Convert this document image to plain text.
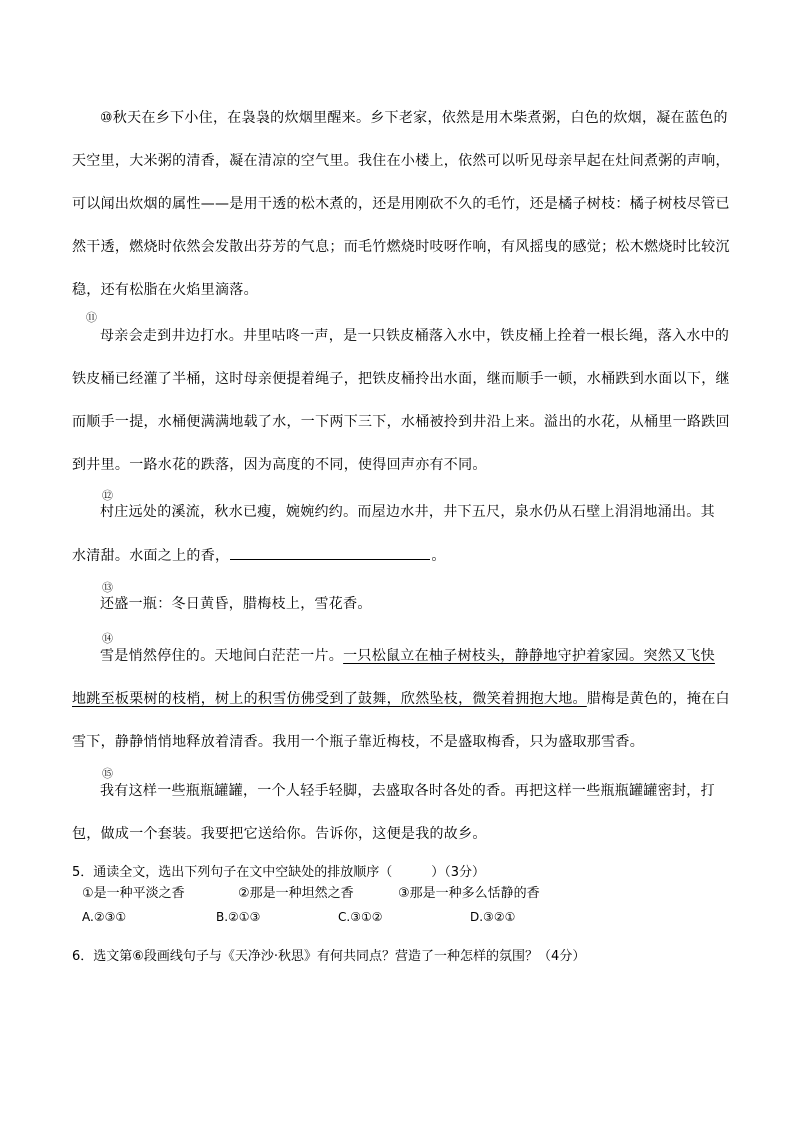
⑩秋天在乡下小住，在袅袅的炊烟里醒来。乡下老家，依然是用木柴煮粥，白色的炊烟，凝在蓝色的
天空里，大米粥的清香，凝在清凉的空气里。我住在小楼上，依然可以听见母亲早起在灶间煮粥的声响，
可以闻出炊烟的属性——是用干透的松木煮的，还是用刚砍不久的毛竹，还是橘子树枝：橘子树枝尽管已
然干透，燃烧时依然会发散出芬芳的气息；而毛竹燃烧时吱呀作响，有风摇曳的感觉；松木燃烧时比较沉
稳，还有松脂在火焰里滴落。
⑪
母亲会走到井边打水。井里咕咚一声，是一只铁皮桶落入水中，铁皮桶上拴着一根长绳，落入水中的
铁皮桶已经灌了半桶，这时母亲便提着绳子，把铁皮桶拎出水面，继而顺手一顿，水桶跌到水面以下，继
而顺手一提，水桶便满满地载了水，一下两下三下，水桶被拎到井沿上来。溢出的水花，从桶里一路跌回
到井里。一路水花的跌落，因为高度的不同，使得回声亦有不同。
⑫
村庄远处的溪流，秋水已瘦，婉婉约约。而屋边水井，井下五尺，泉水仍从石壁上涓涓地涌出。其
水清甜。水面之上的香，	。
⑬
还盛一瓶：冬日黄昏，腊梅枝上，雪花香。
⑭
雪是悄然停住的。天地间白茫茫一片。一只松鼠立在柚子树枝头，静静地守护着家园。突然又飞快
地跳至板栗树的枝梢，树上的积雪仿佛受到了鼓舞，欣然坠枝，微笑着拥抱大地。腊梅是黄色的，掩在白
雪下，静静悄悄地释放着清香。我用一个瓶子靠近梅枝，不是盛取梅香，只为盛取那雪香。
⑮
我有这样一些瓶瓶罐罐，一个人轻手轻脚，去盛取各时各处的香。再把这样一些瓶瓶罐罐密封，打
包，做成一个套装。我要把它送给你。告诉你，这便是我的故乡。
5．通读全文，选出下列句子在文中空缺处的排放顺序（　　　）（3分）
①是一种平淡之香	②那是一种坦然之香	③那是一种多么恬静的香
A.②③①	B.②①③	C.③①②	D.③②①
6．选文第⑥段画线句子与《天净沙·秋思》有何共同点？营造了一种怎样的氛围？（4分）
